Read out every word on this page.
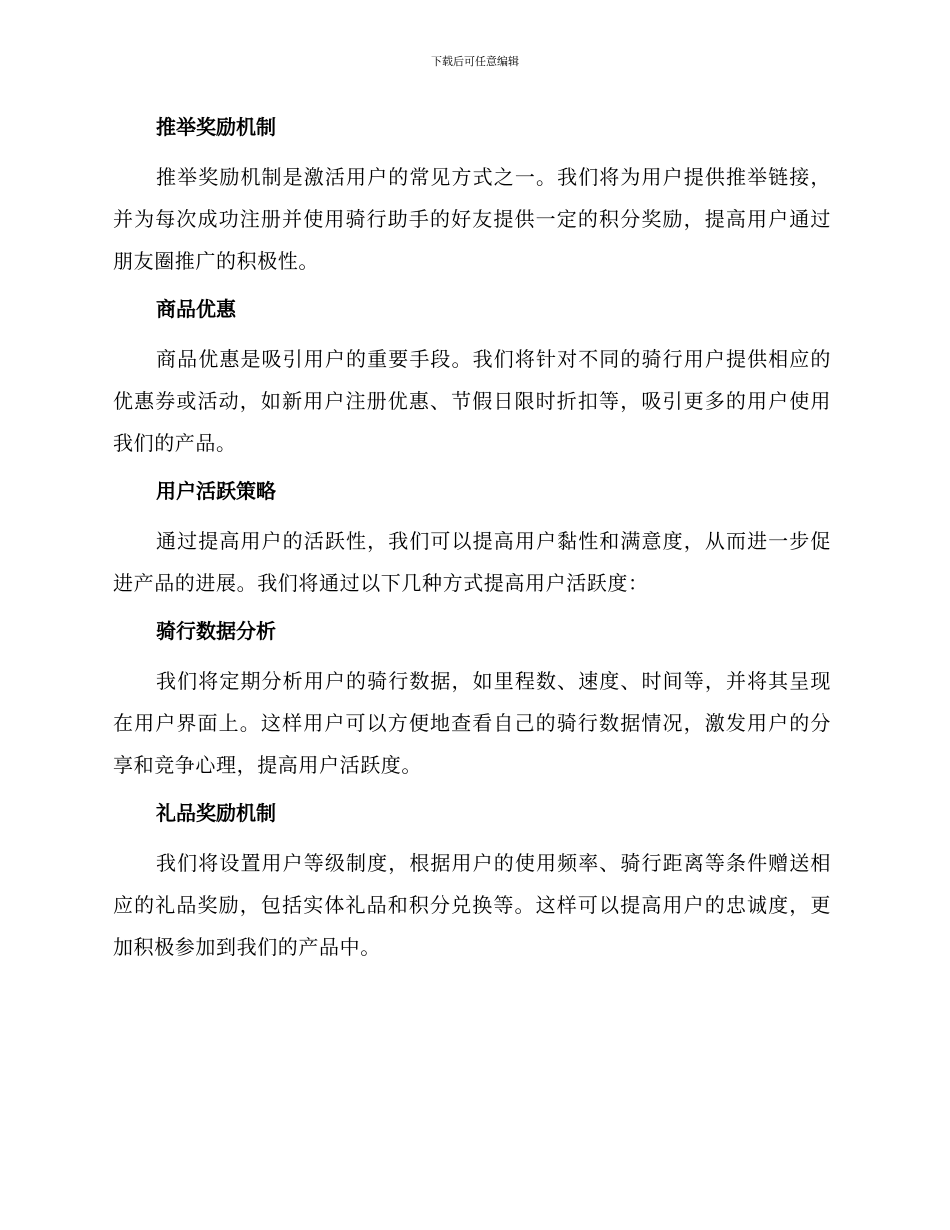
下载后可任意编辑
推举奖励机制

推举奖励机制是激活用户的常见方式之一。我们将为用户提供推举链接，并为每次成功注册并使用骑行助手的好友提供一定的积分奖励，提高用户通过朋友圈推广的积极性。

商品优惠

商品优惠是吸引用户的重要手段。我们将针对不同的骑行用户提供相应的优惠券或活动，如新用户注册优惠、节假日限时折扣等，吸引更多的用户使用我们的产品。

用户活跃策略

通过提高用户的活跃性，我们可以提高用户黏性和满意度，从而进一步促进产品的进展。我们将通过以下几种方式提高用户活跃度：

骑行数据分析

我们将定期分析用户的骑行数据，如里程数、速度、时间等，并将其呈现在用户界面上。这样用户可以方便地查看自己的骑行数据情况，激发用户的分享和竞争心理，提高用户活跃度。

礼品奖励机制

我们将设置用户等级制度，根据用户的使用频率、骑行距离等条件赠送相应的礼品奖励，包括实体礼品和积分兑换等。这样可以提高用户的忠诚度，更加积极参加到我们的产品中。
